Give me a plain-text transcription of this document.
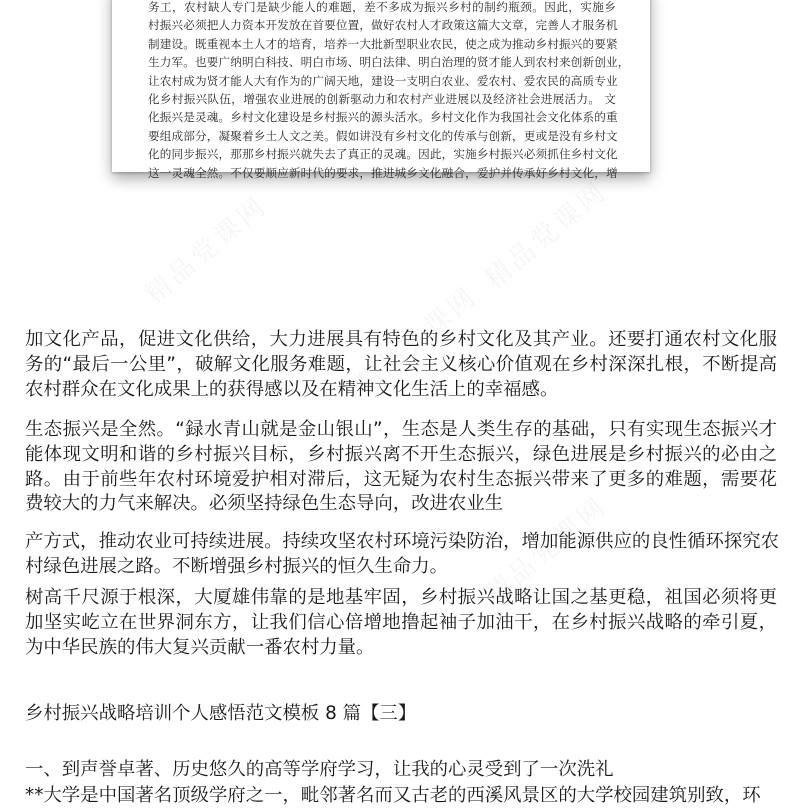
精品党课网	精品党课网
精品党课网
精品党课网
务工，农村缺人专门是缺少能人的难题，差不多成为振兴乡村的制约瓶颈。因此，实施乡
村振兴必须把人力资本开发放在首要位置，做好农村人才政策这篇大文章，完善人才服务机
制建设。既重视本土人才的培育，培养一大批新型职业农民，使之成为推动乡村振兴的要紧
生力军。也要广纳明白科技、明白市场、明白法律、明白治理的贤才能人到农村来创新创业，
让农村成为贤才能人大有作为的广阔天地，建设一支明白农业、爱农村、爱农民的高质专业
化乡村振兴队伍，增强农业进展的创新驱动力和农村产业进展以及经济社会进展活力。 文
化振兴是灵魂。乡村文化建设是乡村振兴的源头活水。乡村文化作为我国社会文化体系的重
要组成部分，凝聚着乡土人文之美。假如讲没有乡村文化的传承与创新，更或是没有乡村文
化的同步振兴，那那乡村振兴就失去了真正的灵魂。因此，实施乡村振兴必须抓住乡村文化
这一灵魂全然。不仅要顺应新时代的要求，推进城乡文化融合，爱护并传承好乡村文化，增
加文化产品，促进文化供给，大力进展具有特色的乡村文化及其产业。还要打通农村文化服
务的“最后一公里”，破解文化服务难题，让社会主义核心价值观在乡村深深扎根，不断提高
农村群众在文化成果上的获得感以及在精神文化生活上的幸福感。
生态振兴是全然。“録水青山就是金山银山”，生态是人类生存的基础，只有实现生态振兴才
能体现文明和谐的乡村振兴目标，乡村振兴离不开生态振兴，绿色进展是乡村振兴的必由之
路。由于前些年农村环境爱护相对滞后，这无疑为农村生态振兴带来了更多的难题，需要花
费较大的力气来解决。必须坚持绿色生态导向，改进农业生
产方式，推动农业可持续进展。持续攻坚农村环境污染防治，增加能源供应的良性循环探究农
村绿色进展之路。不断增强乡村振兴的恒久生命力。
树高千尺源于根深，大厦雄伟靠的是地基牢固，乡村振兴战略让国之基更稳，祖国必须将更
加坚实屹立在世界洞东方，让我们信心倍增地撸起袖子加油干，在乡村振兴战略的牵引夏，
为中华民族的伟大复兴贡献一番农村力量。
乡村振兴战略培训个人感悟范文模板 8 篇【三】
一、到声誉卓著、历史悠久的高等学府学习，让我的心灵受到了一次洗礼
**大学是中国著名顶级学府之一，毗邻著名而又古老的西溪风景区的大学校园建筑别致，环
